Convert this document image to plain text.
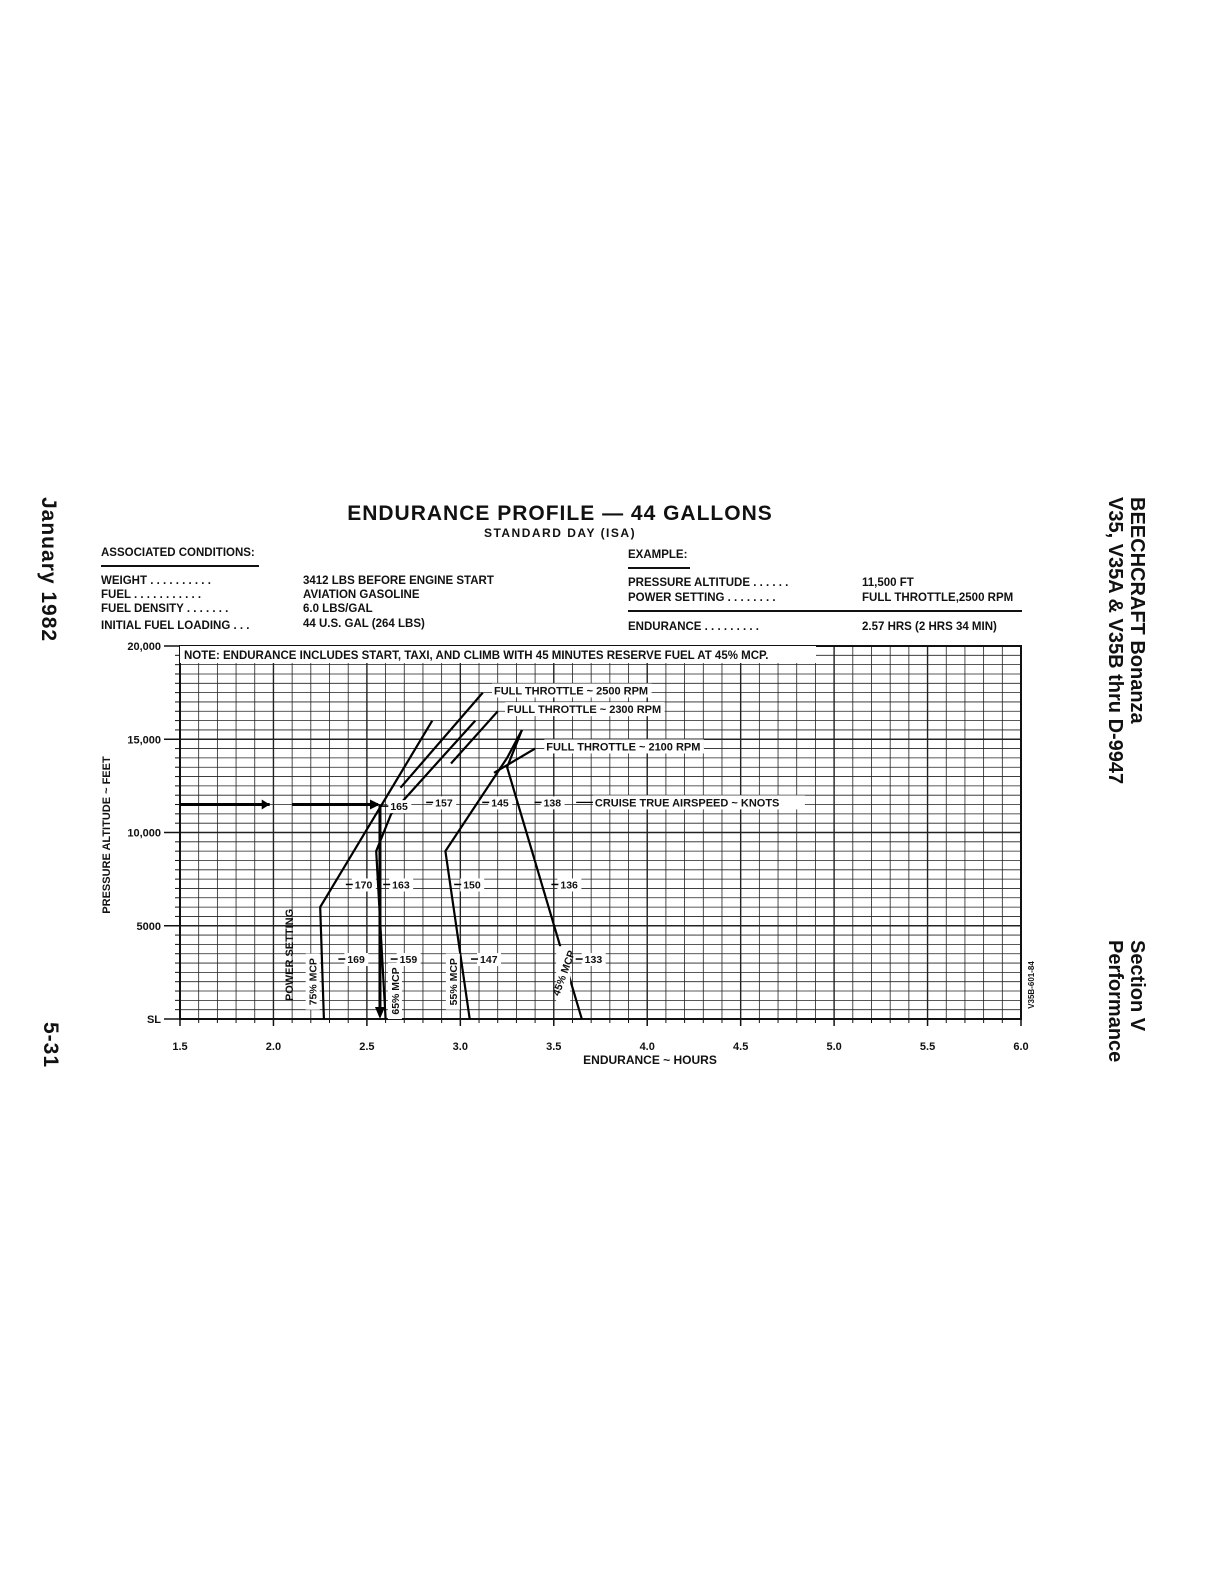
January 1982
5-31
BEECHCRAFT Bonanza
V35, V35A & V35B thru D-9947
Section V
Performance
ENDURANCE PROFILE — 44 GALLONS
STANDARD DAY (ISA)
ASSOCIATED CONDITIONS:
WEIGHT . . . . . . . . . .	3412 LBS BEFORE ENGINE START
FUEL . . . . . . . . . . .	AVIATION GASOLINE
FUEL DENSITY . . . . . . .	6.0 LBS/GAL
INITIAL FUEL LOADING . . .	44 U.S. GAL (264 LBS)
EXAMPLE:
PRESSURE ALTITUDE . . . . . .	11,500 FT
POWER SETTING . . . . . . . .	FULL THROTTLE,2500 RPM
ENDURANCE . . . . . . . . .	2.57 HRS (2 HRS 34 MIN)
1.5	2.0	2.5	3.0	3.5	4.0	4.5	5.0	5.5	6.0
SL
5000
10,000
15,000
20,000
FULL THROTTLE ~ 2500 RPM
FULL THROTTLE ~ 2300 RPM
FULL THROTTLE ~ 2100 RPM
75% MCP	65% MCP	55% MCP	45% MCP
165	157	145	138
170 163	150	136
169	159	147	133
CRUISE TRUE AIRSPEED ~ KNOTS
NOTE: ENDURANCE INCLUDES START, TAXI, AND CLIMB WITH 45 MINUTES RESERVE FUEL AT 45% MCP.
PRESSURE ALTITUDE ~ FEET
ENDURANCE ~ HOURS
V35B-601-84
POWER SETTING
